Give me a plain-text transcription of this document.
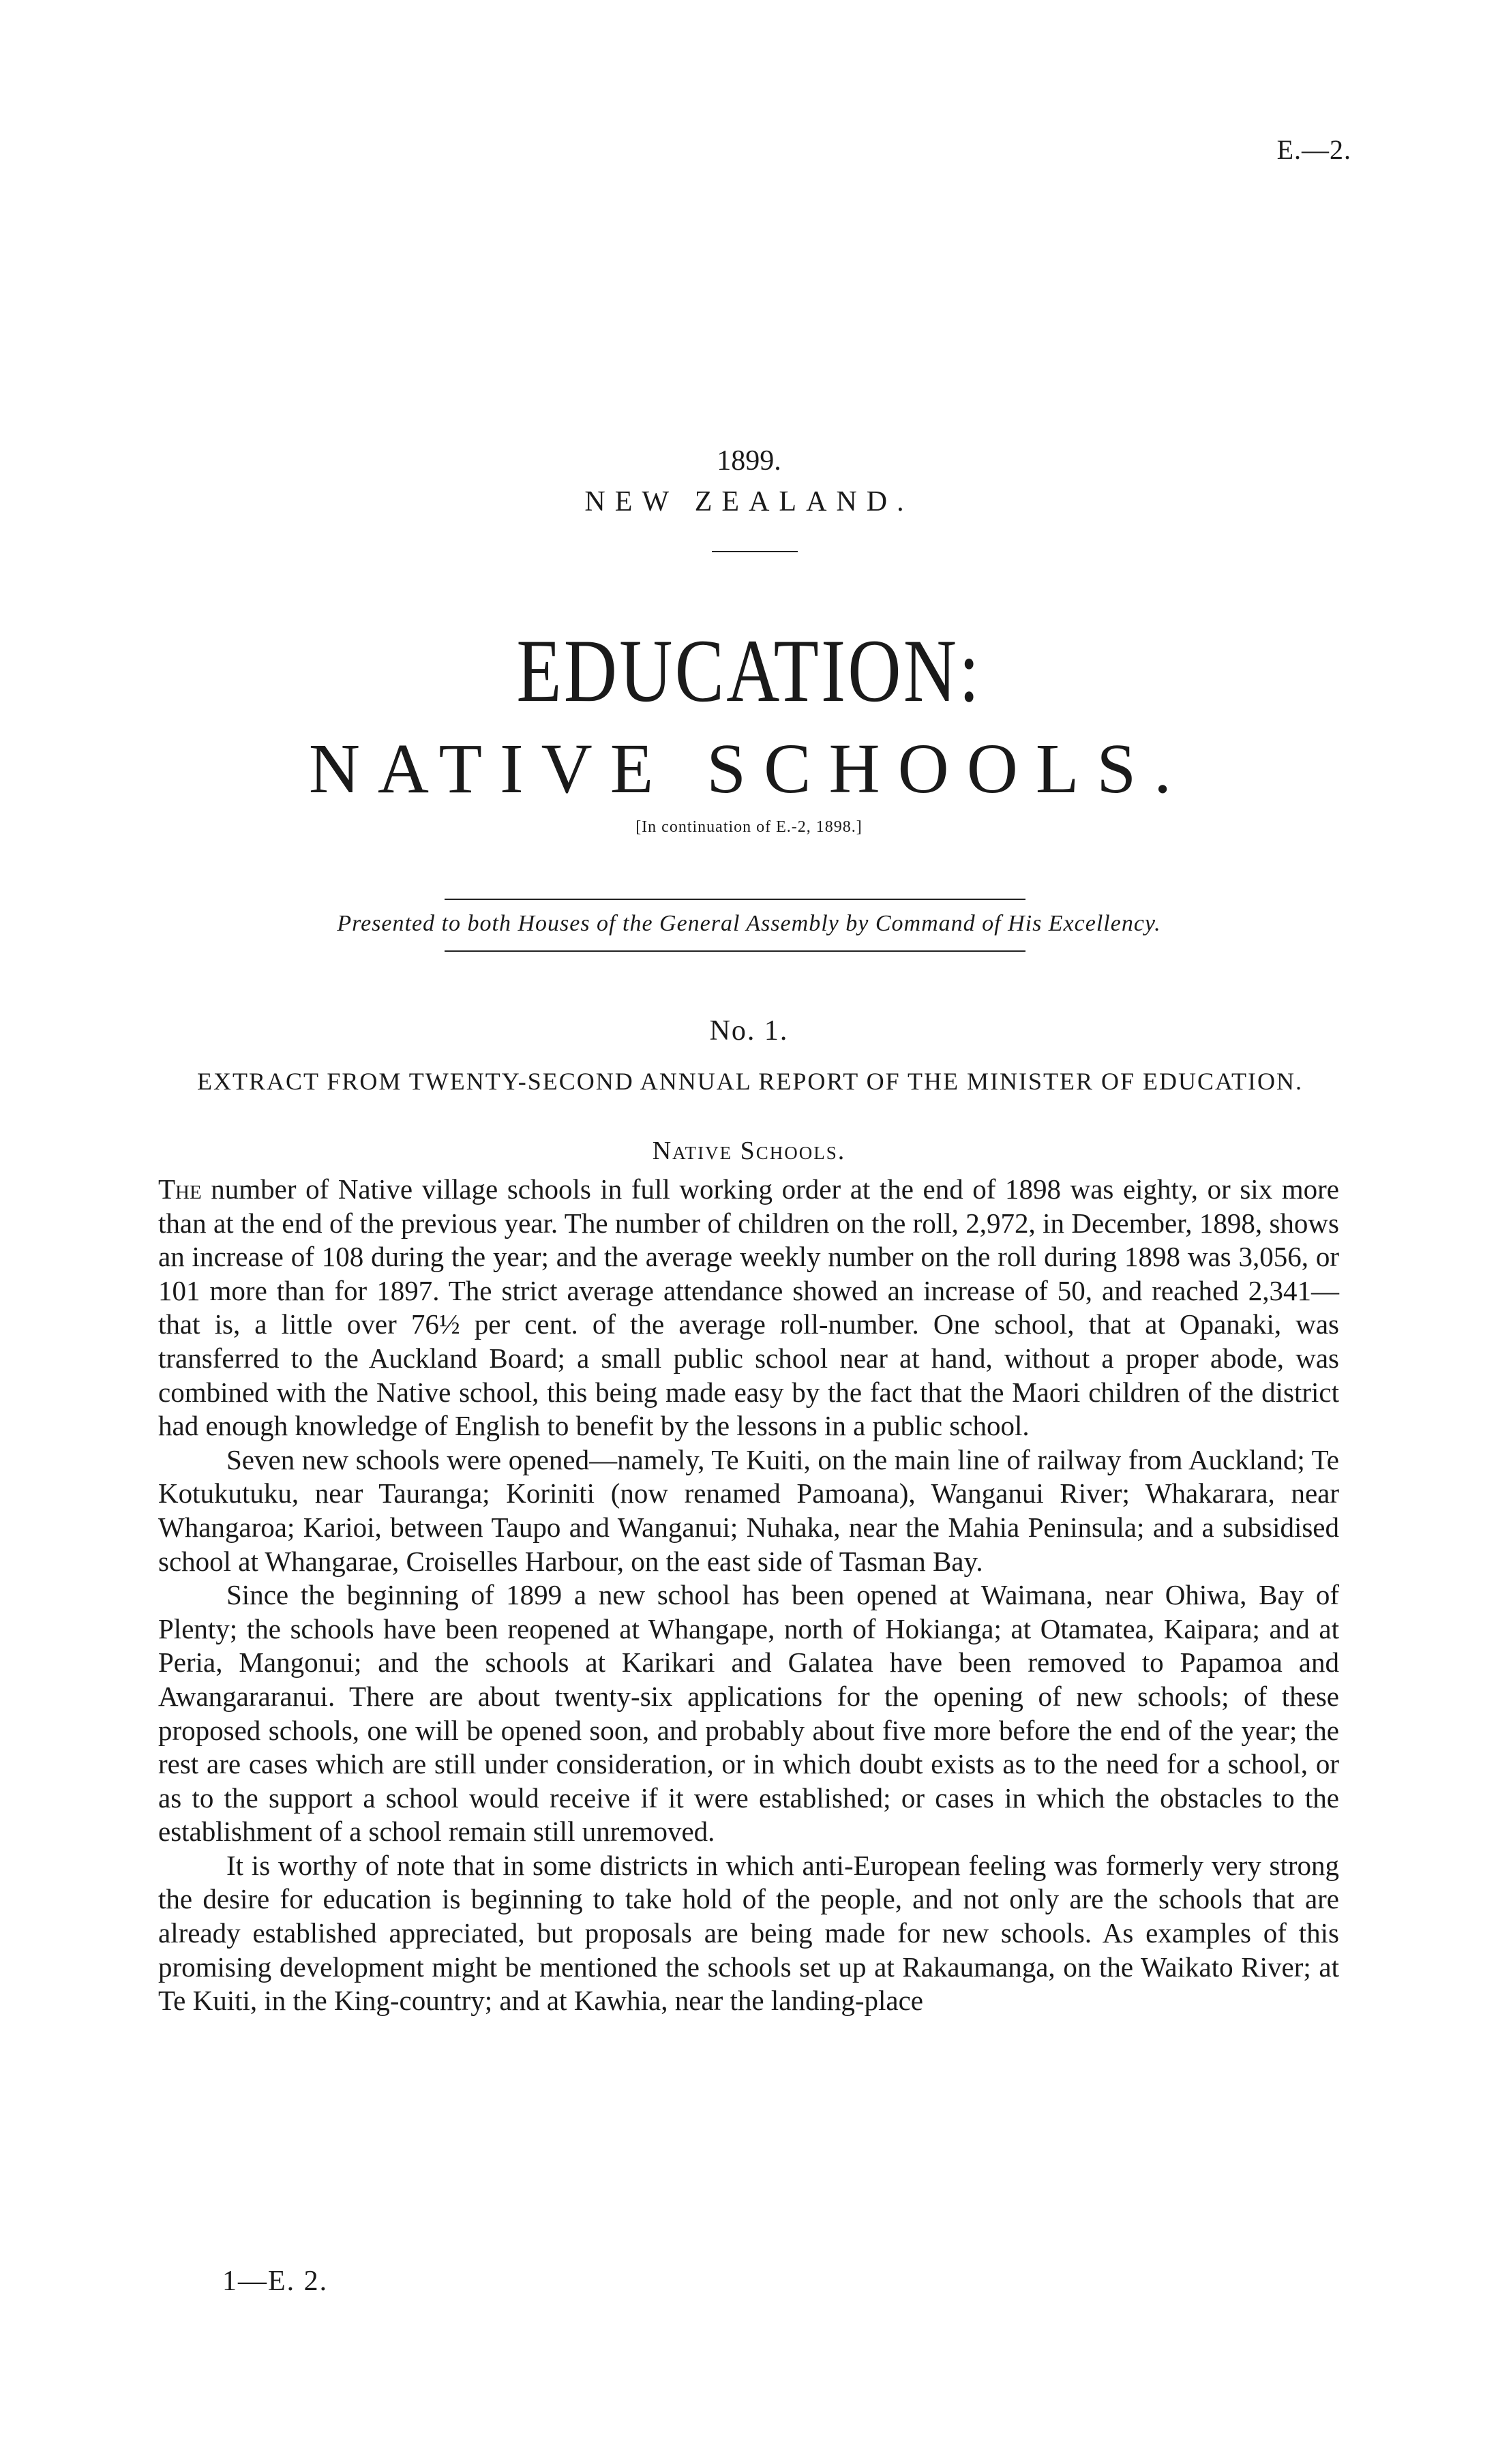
E.—2.
1899.
NEW ZEALAND.
EDUCATION:
NATIVE SCHOOLS.
[In continuation of E.-2, 1898.]
Presented to both Houses of the General Assembly by Command of His Excellency.
No. 1.
EXTRACT FROM TWENTY-SECOND ANNUAL REPORT OF THE MINISTER OF EDUCATION.
Native Schools.

The number of Native village schools in full working order at the end of 1898 was eighty, or six more than at the end of the previous year. The number of children on the roll, 2,972, in December, 1898, shows an increase of 108 during the year; and the average weekly number on the roll during 1898 was 3,056, or 101 more than for 1897. The strict average attendance showed an increase of 50, and reached 2,341—that is, a little over 76½ per cent. of the average roll-number. One school, that at Opanaki, was transferred to the Auckland Board; a small public school near at hand, without a proper abode, was combined with the Native school, this being made easy by the fact that the Maori children of the district had enough knowledge of English to benefit by the lessons in a public school.

Seven new schools were opened—namely, Te Kuiti, on the main line of railway from Auckland; Te Kotukutuku, near Tauranga; Koriniti (now renamed Pamoana), Wanganui River; Whakarara, near Whangaroa; Karioi, between Taupo and Wanganui; Nuhaka, near the Mahia Peninsula; and a subsidised school at Whangarae, Croiselles Harbour, on the east side of Tasman Bay.

Since the beginning of 1899 a new school has been opened at Waimana, near Ohiwa, Bay of Plenty; the schools have been reopened at Whangape, north of Hokianga; at Otamatea, Kaipara; and at Peria, Mangonui; and the schools at Karikari and Galatea have been removed to Papamoa and Awangararanui. There are about twenty-six applications for the opening of new schools; of these proposed schools, one will be opened soon, and probably about five more before the end of the year; the rest are cases which are still under consideration, or in which doubt exists as to the need for a school, or as to the support a school would receive if it were established; or cases in which the obstacles to the establishment of a school remain still unremoved.

It is worthy of note that in some districts in which anti-European feeling was formerly very strong the desire for education is beginning to take hold of the people, and not only are the schools that are already established appreciated, but proposals are being made for new schools. As examples of this promising development might be mentioned the schools set up at Rakaumanga, on the Waikato River; at Te Kuiti, in the King-country; and at Kawhia, near the landing-place

1—E. 2.
